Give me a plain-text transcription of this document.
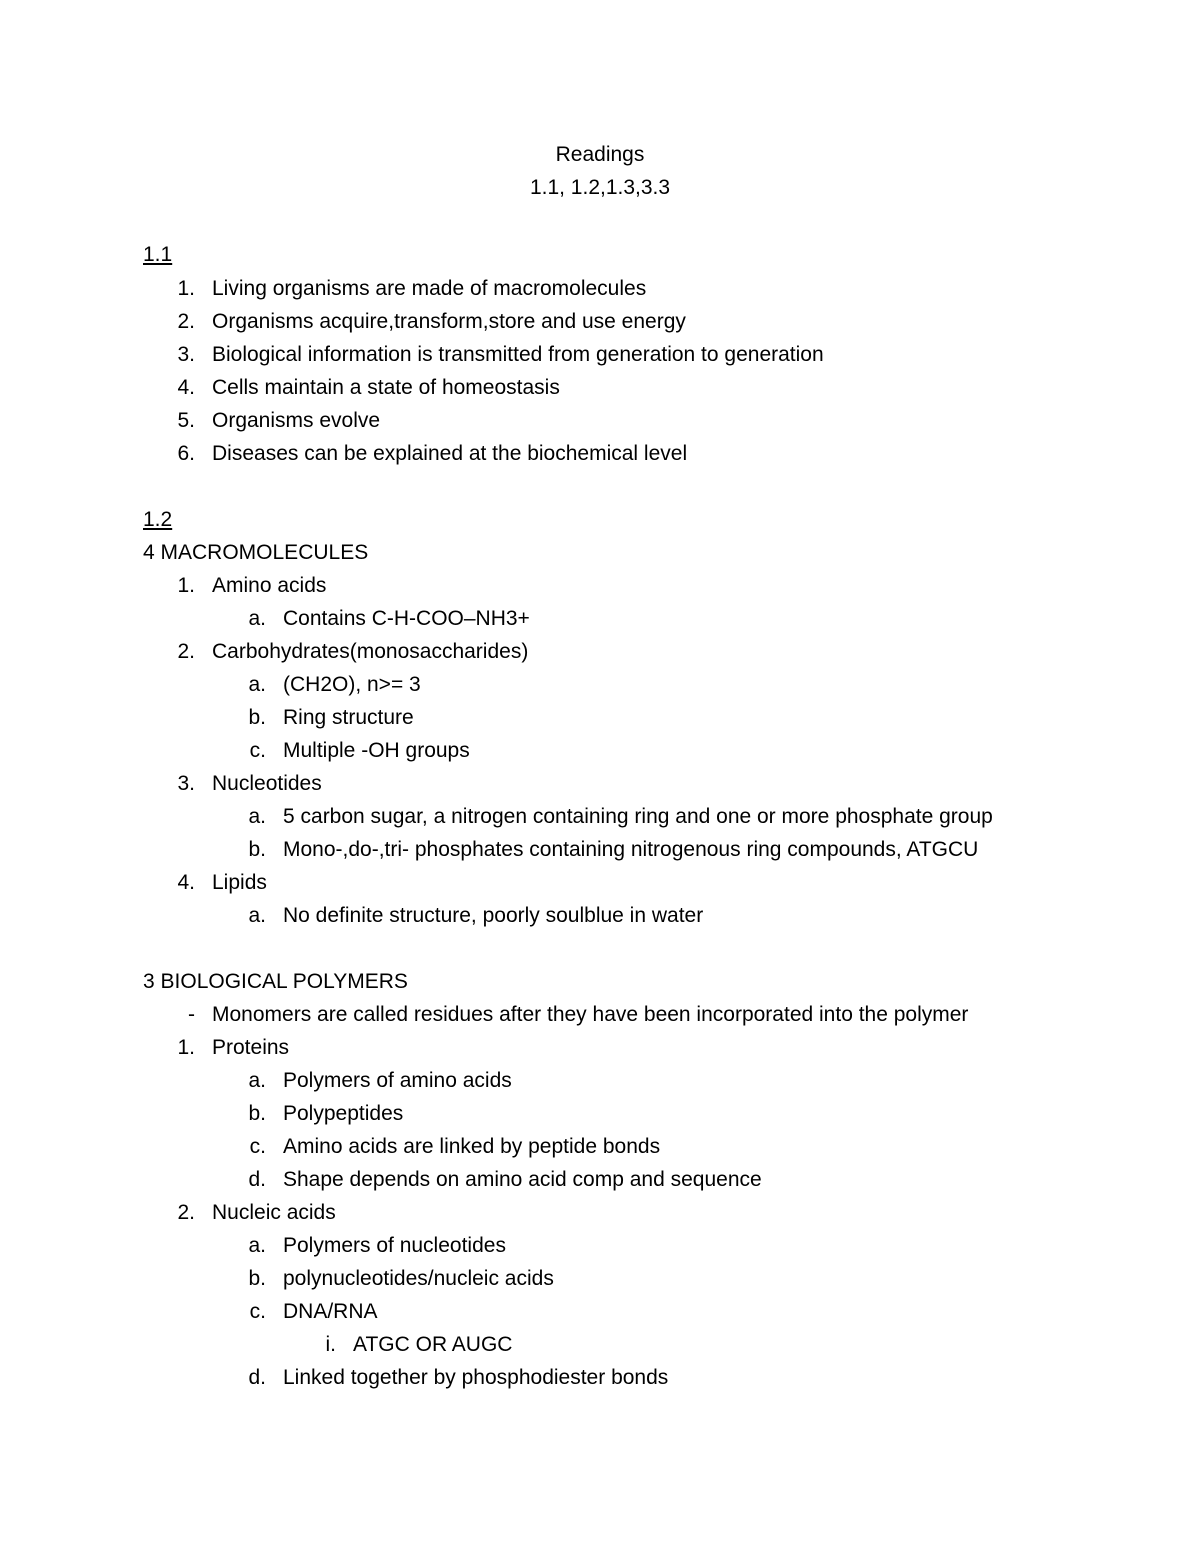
Readings
1.1, 1.2,1.3,3.3
1.1
1. Living organisms are made of macromolecules
2. Organisms acquire,transform,store and use energy
3. Biological information is transmitted from generation to generation
4. Cells maintain a state of homeostasis
5. Organisms evolve
6. Diseases can be explained at the biochemical level
1.2
4 MACROMOLECULES
1. Amino acids
a. Contains C-H-COO–NH3+
2. Carbohydrates(monosaccharides)
a. (CH2O), n>= 3
b. Ring structure
c. Multiple -OH groups
3. Nucleotides
a. 5 carbon sugar, a nitrogen containing ring and one or more phosphate group
b. Mono-,do-,tri- phosphates containing nitrogenous ring compounds, ATGCU
4. Lipids
a. No definite structure, poorly soulblue in water
3 BIOLOGICAL POLYMERS
- Monomers are called residues after they have been incorporated into the polymer
1. Proteins
a. Polymers of amino acids
b. Polypeptides
c. Amino acids are linked by peptide bonds
d. Shape depends on amino acid comp and sequence
2. Nucleic acids
a. Polymers of nucleotides
b. polynucleotides/nucleic acids
c. DNA/RNA
i. ATGC OR AUGC
d. Linked together by phosphodiester bonds
